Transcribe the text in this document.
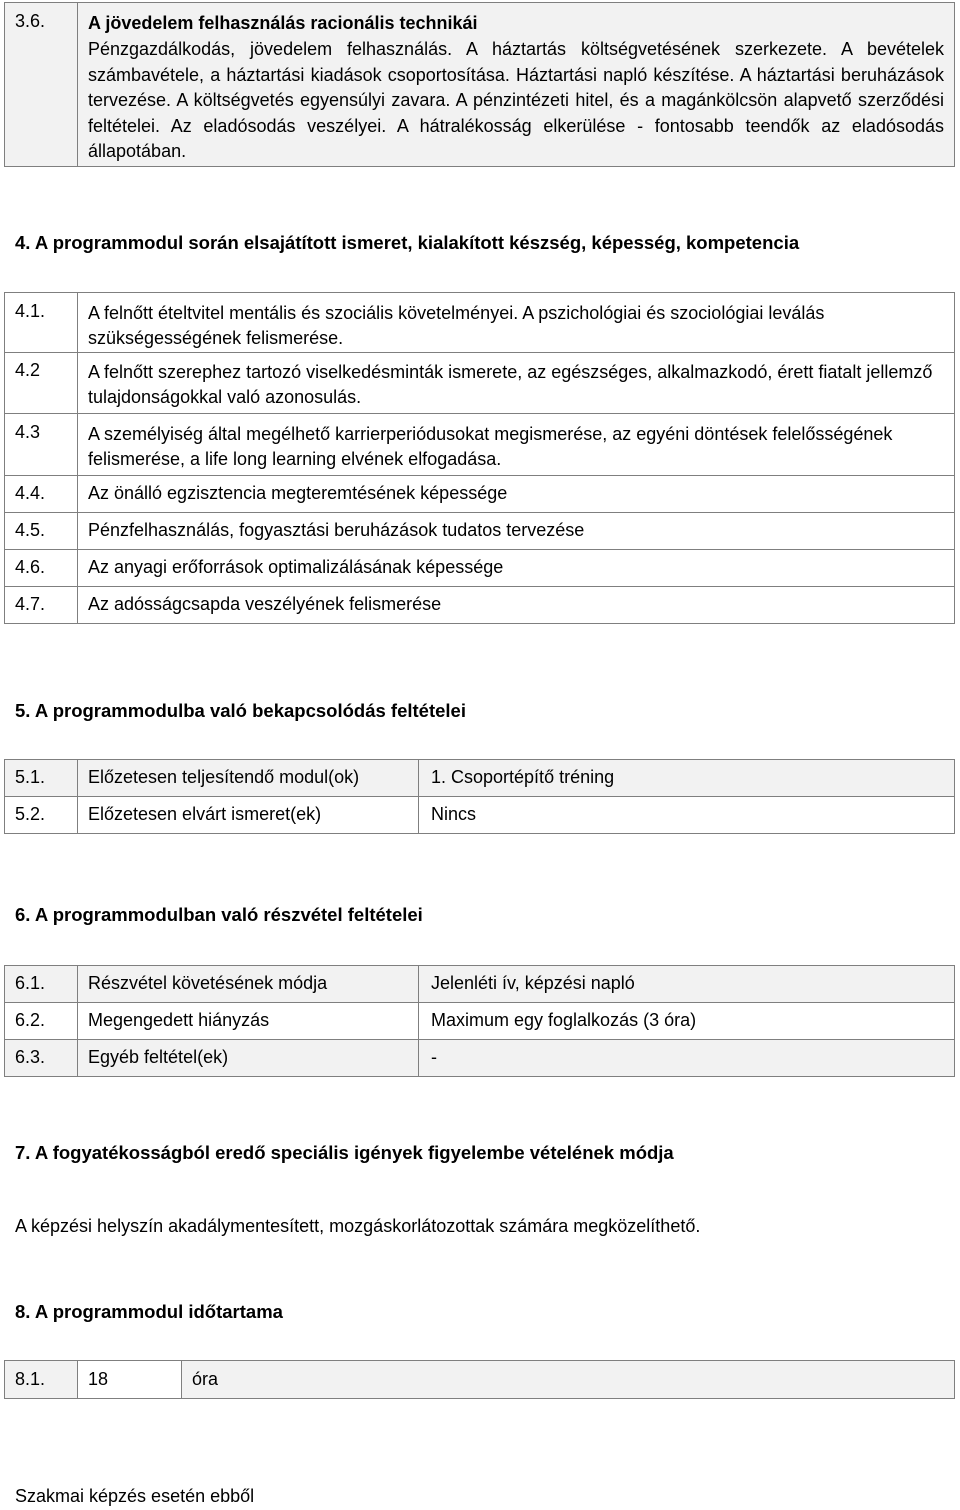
3.6.	A jövedelem felhasználás racionális technikái
Pénzgazdálkodás, jövedelem felhasználás. A háztartás költségvetésének szerkezete. A bevételek számbavétele, a háztartási kiadások csoportosítása. Háztartási napló készítése. A háztartási beruházások tervezése. A költségvetés egyensúlyi zavara. A pénzintézeti hitel, és a magánkölcsön alapvető szerződési feltételei. Az eladósodás veszélyei. A hátralékosság elkerülése - fontosabb teendők az eladósodás állapotában.
4. A programmodul során elsajátított ismeret, kialakított készség, képesség, kompetencia
4.1.	A felnőtt ételtvitel mentális és szociális követelményei. A pszichológiai és szociológiai leválás szükségességének felismerése.
4.2	A felnőtt szerephez tartozó viselkedésminták ismerete, az egészséges, alkalmazkodó, érett fiatalt jellemző tulajdonságokkal való azonosulás.
4.3	A személyiség által megélhető karrierperiódusokat megismerése, az egyéni döntések felelősségének felismerése, a life long learning elvének elfogadása.
4.4.	Az önálló egzisztencia megteremtésének képessége
4.5.	Pénzfelhasználás, fogyasztási beruházások tudatos tervezése
4.6.	Az anyagi erőforrások optimalizálásának képessége
4.7.	Az adósságcsapda veszélyének felismerése
5. A programmodulba való bekapcsolódás feltételei
5.1.	Előzetesen teljesítendő modul(ok)	1. Csoportépítő tréning
5.2.	Előzetesen elvárt ismeret(ek)	Nincs
6. A programmodulban való részvétel feltételei
6.1.	Részvétel követésének módja	Jelenléti ív, képzési napló
6.2.	Megengedett hiányzás	Maximum egy foglalkozás (3 óra)
6.3.	Egyéb feltétel(ek)	-
7. A fogyatékosságból eredő speciális igények figyelembe vételének módja
A képzési helyszín akadálymentesített, mozgáskorlátozottak számára megközelíthető.
8. A programmodul időtartama
8.1.	18	óra
Szakmai képzés esetén ebből
